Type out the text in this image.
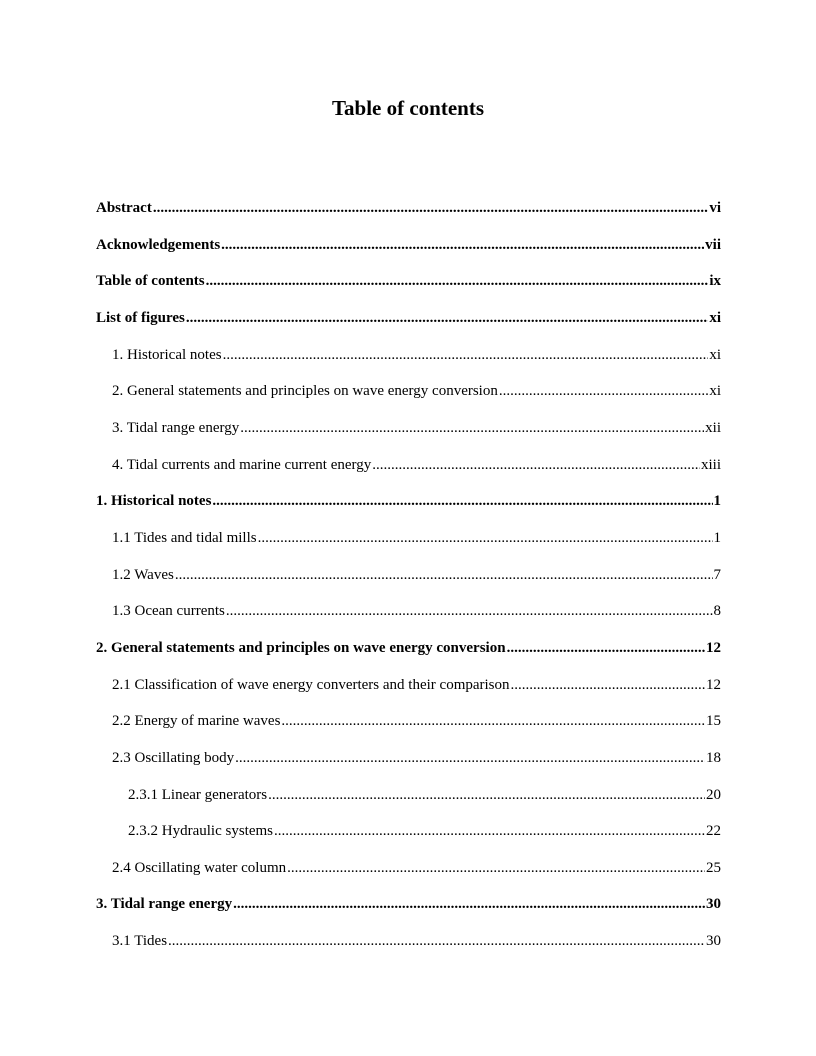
Table of contents
Abstract .....	vi
Acknowledgements .....	vii
Table of contents .....	ix
List of figures .....	xi
1. Historical notes .....	xi
2. General statements and principles on wave energy conversion .....	xi
3. Tidal range energy .....	xii
4. Tidal currents and marine current energy .....	xiii
1. Historical notes .....	1
1.1 Tides and tidal mills .....	1
1.2 Waves .....	7
1.3 Ocean currents .....	8
2. General statements and principles on wave energy conversion .....	12
2.1 Classification of wave energy converters and their comparison .....	12
2.2 Energy of marine waves .....	15
2.3 Oscillating body .....	18
2.3.1 Linear generators .....	20
2.3.2 Hydraulic systems .....	22
2.4 Oscillating water column .....	25
3. Tidal range energy .....	30
3.1 Tides .....	30
